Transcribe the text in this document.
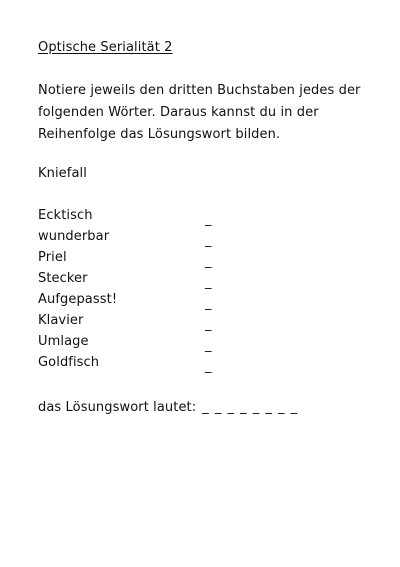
Optische Serialität 2
Notiere jeweils den dritten Buchstaben jedes der folgenden Wörter. Daraus kannst du in der Reihenfolge das Lösungswort bilden.
Kniefall
Ecktisch	_
wunderbar	_
Priel	_
Stecker	_
Aufgepasst!	_
Klavier	_
Umlage	_
Goldfisch	_
das Lösungswort lautet: _ _ _ _ _ _ _ _
